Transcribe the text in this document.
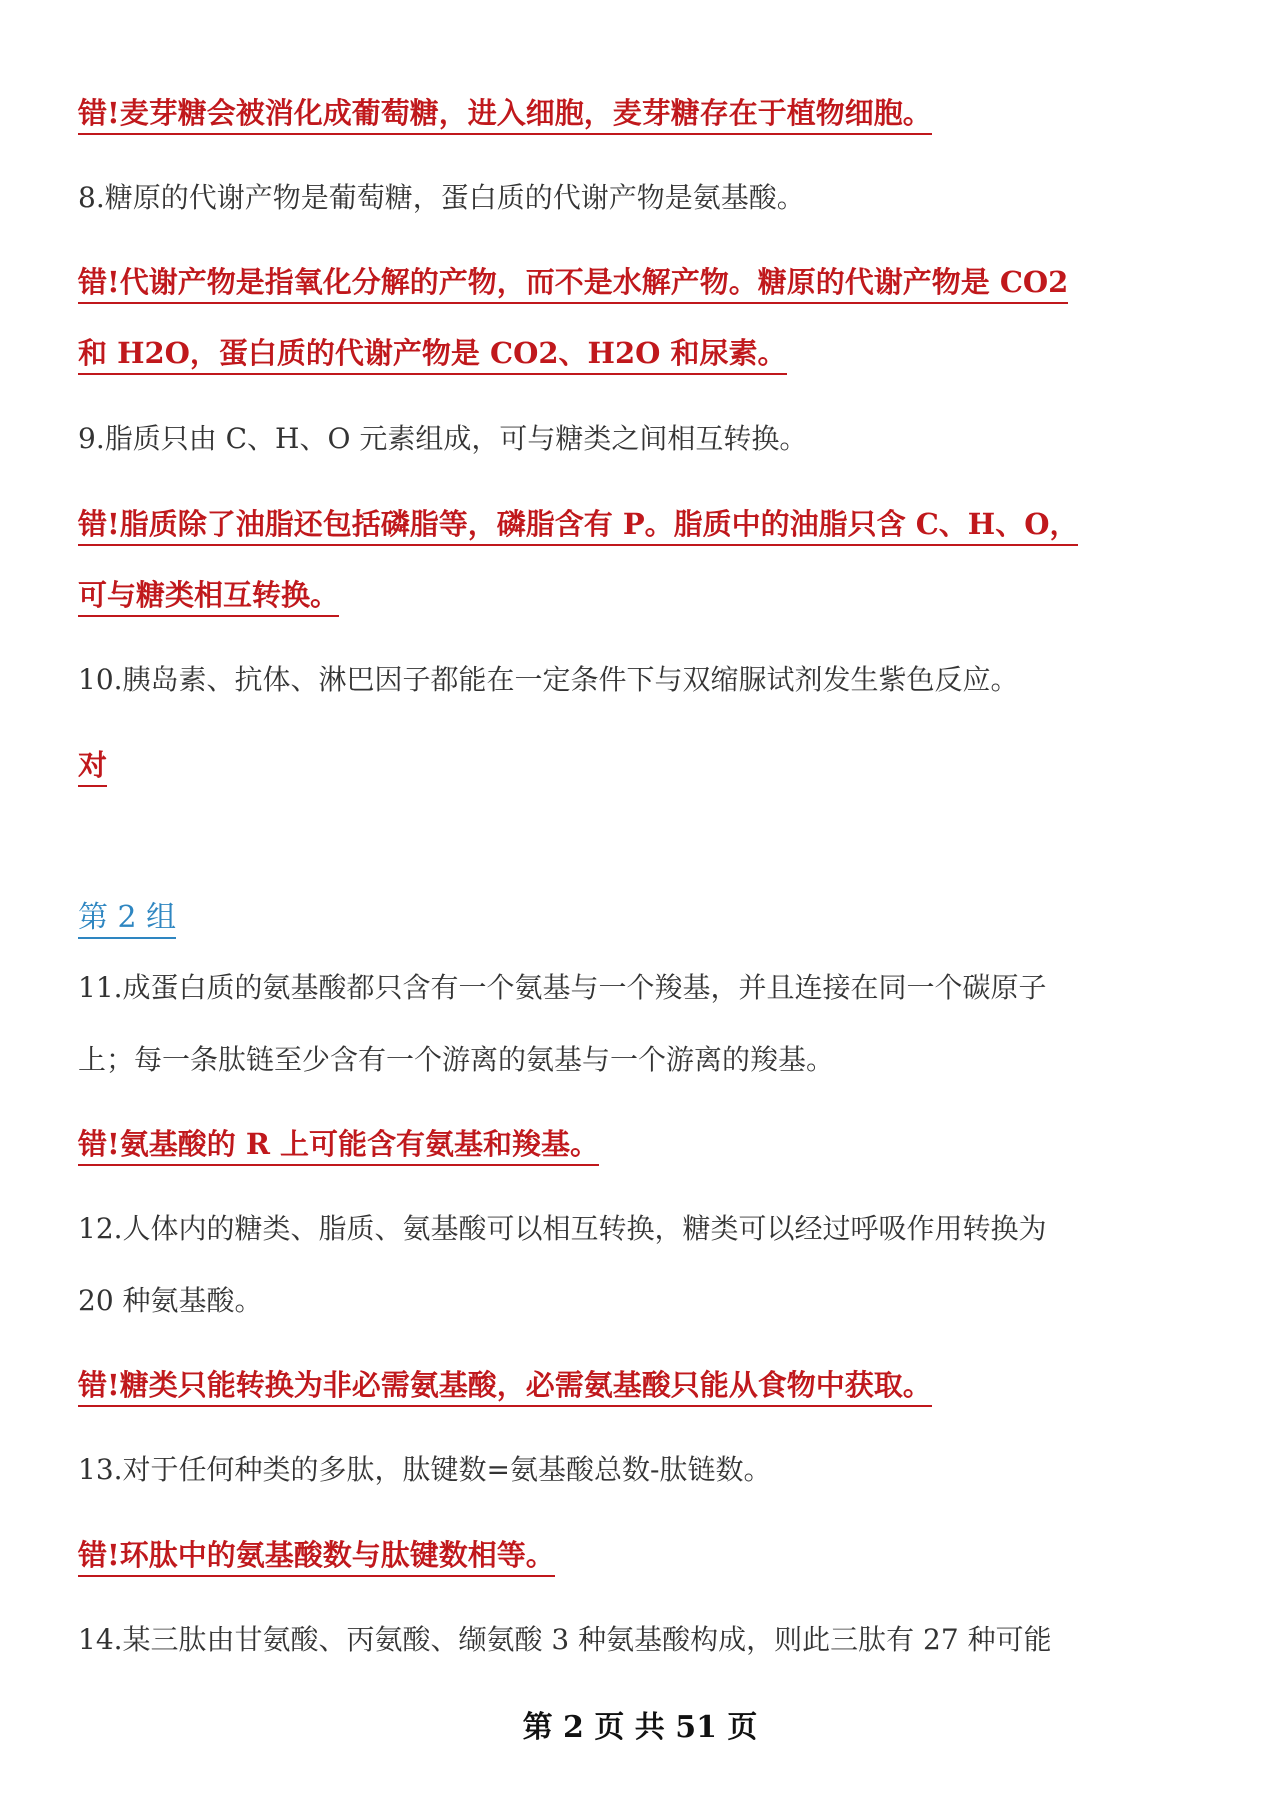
错!麦芽糖会被消化成葡萄糖，进入细胞，麦芽糖存在于植物细胞。

8.糖原的代谢产物是葡萄糖，蛋白质的代谢产物是氨基酸。

错!代谢产物是指氧化分解的产物，而不是水解产物。糖原的代谢产物是 CO2

和 H2O，蛋白质的代谢产物是 CO2、H2O 和尿素。

9.脂质只由 C、H、O 元素组成，可与糖类之间相互转换。

错!脂质除了油脂还包括磷脂等，磷脂含有 P。脂质中的油脂只含 C、H、O，

可与糖类相互转换。

10.胰岛素、抗体、淋巴因子都能在一定条件下与双缩脲试剂发生紫色反应。

对

第 2 组

11.成蛋白质的氨基酸都只含有一个氨基与一个羧基，并且连接在同一个碳原子

上；每一条肽链至少含有一个游离的氨基与一个游离的羧基。

错!氨基酸的 R 上可能含有氨基和羧基。

12.人体内的糖类、脂质、氨基酸可以相互转换，糖类可以经过呼吸作用转换为

20 种氨基酸。

错!糖类只能转换为非必需氨基酸，必需氨基酸只能从食物中获取。

13.对于任何种类的多肽，肽键数=氨基酸总数-肽链数。

错!环肽中的氨基酸数与肽键数相等。

14.某三肽由甘氨酸、丙氨酸、缬氨酸 3 种氨基酸构成，则此三肽有 27 种可能

第 2 页 共 51 页
